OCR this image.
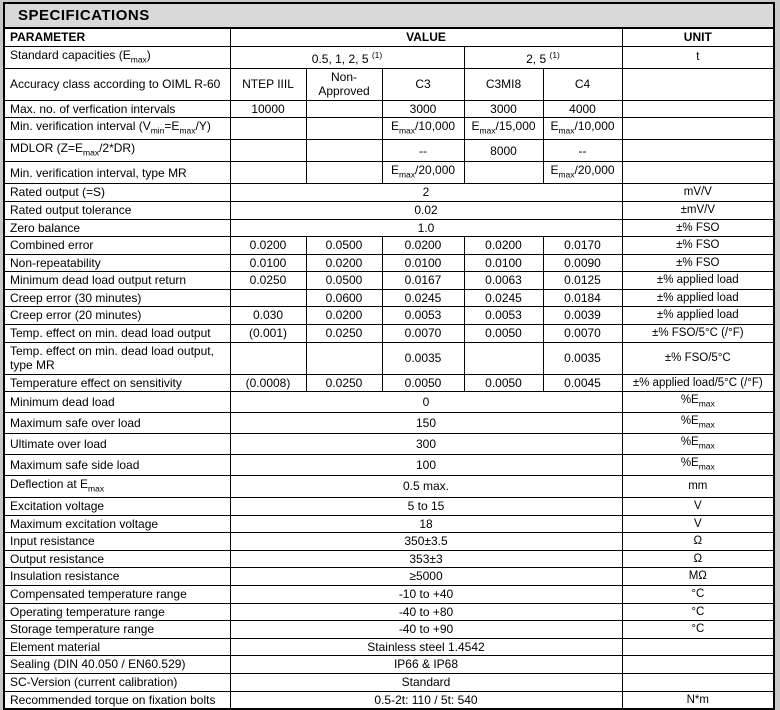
SPECIFICATIONS						
PARAMETER	VALUE					UNIT
Standard capacities $(E_{max})$	0.5, 1, 2, 5 $^{(1)}$			2, 5 $^{(1)}$		t
Accuracy class according to OIML R-60	NTEP IIIL	Non-Approved	C3	C3MI8	C4	
Max. no. of verfication intervals	10000		3000	3000	4000	
Min. verification interval $(V_{min}=E_{max}/Y)$			$E_{max}/10,000$	$E_{max}/15,000$	$E_{max}/10,000$	
MDLOR $(Z=E_{max}/2*DR)$			--	8000	--	
Min. verification interval, type MR			$E_{max}/20,000$		$E_{max}/20,000$	
Rated output (=S)	2					mV/V
Rated output tolerance	0.02					±mV/V
Zero balance	1.0					±% FSO
Combined error	0.0200	0.0500	0.0200	0.0200	0.0170	±% FSO
Non-repeatability	0.0100	0.0200	0.0100	0.0100	0.0090	±% FSO
Minimum dead load output return	0.0250	0.0500	0.0167	0.0063	0.0125	±% applied load
Creep error (30 minutes)		0.0600	0.0245	0.0245	0.0184	±% applied load
Creep error (20 minutes)	0.030	0.0200	0.0053	0.0053	0.0039	±% applied load
Temp. effect on min. dead load output	(0.001)	0.0250	0.0070	0.0050	0.0070	±% FSO/5°C (/°F)
Temp. effect on min. dead load output, type MR			0.0035		0.0035	±% FSO/5°C
Temperature effect on sensitivity	(0.0008)	0.0250	0.0050	0.0050	0.0045	±% applied load/5°C (/°F)
Minimum dead load	0					$\%E_{max}$
Maximum safe over load	150					$\%E_{max}$
Ultimate over load	300					$\%E_{max}$
Maximum safe side load	100					$\%E_{max}$
Deflection at $E_{max}$	0.5 max.					mm
Excitation voltage	5 to 15					V
Maximum excitation voltage	18					V
Input resistance	350±3.5					Ω
Output resistance	353±3					Ω
Insulation resistance	≥5000					MΩ
Compensated temperature range	-10 to +40					°C
Operating temperature range	-40 to +80					°C
Storage temperature range	-40 to +90					°C
Element material	Stainless steel 1.4542					
Sealing (DIN 40.050 / EN60.529)	IP66 & IP68					
SC-Version (current calibration)	Standard					
Recommended torque on fixation bolts	0.5-2t: 110 / 5t: 540					N*m
